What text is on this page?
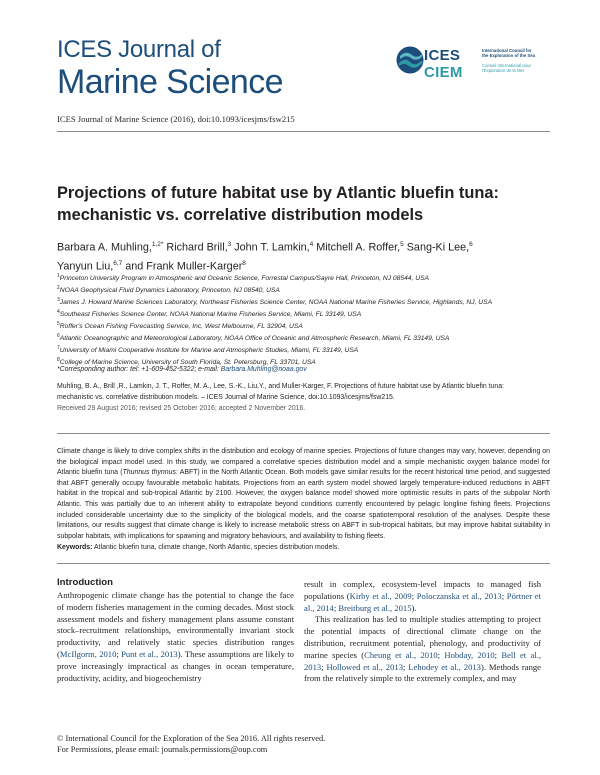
ICES Journal of
Marine Science
ICES
CIEM
International Council for
the Exploration of the Sea
Conseil International pour
l'Exploration de la Mer
ICES Journal of Marine Science (2016), doi:10.1093/icesjms/fsw215
Projections of future habitat use by Atlantic bluefin tuna:
mechanistic vs. correlative distribution models
Barbara A. Muhling,$^{1,2*}$ Richard Brill,$^3$ John T. Lamkin,$^4$ Mitchell A. Roffer,$^5$ Sang-Ki Lee,$^6$
Yanyun Liu,$^{6,7}$ and Frank Muller-Karger$^8$
$^1$Princeton University Program in Atmospheric and Oceanic Science, Forrestal Campus/Sayre Hall, Princeton, NJ 08544, USA
$^2$NOAA Geophysical Fluid Dynamics Laboratory, Princeton, NJ 08540, USA
$^3$James J. Howard Marine Sciences Laboratory, Northeast Fisheries Science Center, NOAA National Marine Fisheries Service, Highlands, NJ, USA
$^4$Southeast Fisheries Science Center, NOAA National Marine Fisheries Service, Miami, FL 33149, USA
$^5$Roffer's Ocean Fishing Forecasting Service, Inc, West Melbourne, FL 32904, USA
$^6$Atlantic Oceanographic and Meteorological Laboratory, NOAA Office of Oceanic and Atmospheric Research, Miami, FL 33149, USA
$^7$University of Miami Cooperative Institute for Marine and Atmospheric Studies, Miami, FL 33149, USA
$^8$College of Marine Science, University of South Florida, St. Petersburg, FL 33701, USA
*Corresponding author: tel: +1-609-452-5322; e-mail: Barbara.Muhling@noaa.gov
Muhling, B. A., Brill ,R., Lamkin, J. T., Roffer, M. A., Lee, S.-K., Liu,Y., and Muller-Karger, F. Projections of future habitat use by Atlantic bluefin tuna: mechanistic vs. correlative distribution models. – ICES Journal of Marine Science, doi:10.1093/icesjms/fsw215.
Received 29 August 2016; revised 25 October 2016; accepted 2 November 2016.
Climate change is likely to drive complex shifts in the distribution and ecology of marine species. Projections of future changes may vary, however, depending on the biological impact model used. In this study, we compared a correlative species distribution model and a simple mechanistic oxygen balance model for Atlantic bluefin tuna (Thunnus thynnus: ABFT) in the North Atlantic Ocean. Both models gave similar results for the recent historical time period, and suggested that ABFT generally occupy favourable metabolic habitats. Projections from an earth system model showed largely temperature-induced reductions in ABFT habitat in the tropical and sub-tropical Atlantic by 2100. However, the oxygen balance model showed more optimistic results in parts of the subpolar North Atlantic. This was partially due to an inherent ability to extrapolate beyond conditions currently encountered by pelagic longline fishing fleets. Projections included considerable uncertainty due to the simplicity of the biological models, and the coarse spatiotemporal resolution of the analyses. Despite these limitations, our results suggest that climate change is likely to increase metabolic stress on ABFT in sub-tropical habitats, but may improve habitat suitability in subpolar habitats, with implications for spawning and migratory behaviours, and availability to fishing fleets.
Keywords: Atlantic bluefin tuna, climate change, North Atlantic, species distribution models.
Introduction
Anthropogenic climate change has the potential to change the face of modern fisheries management in the coming decades. Most stock assessment models and fishery management plans assume constant stock–recruitment relationships, environmentally invariant stock productivity, and relatively static species distribution ranges (McIlgorm, 2010; Punt et al., 2013). These assumptions are likely to prove increasingly impractical as changes in ocean temperature, productivity, acidity, and biogeochemistry
result in complex, ecosystem-level impacts to managed fish populations (Kirby et al., 2009; Poloczanska et al., 2013; Pörtner et al., 2014; Breitburg et al., 2015).
This realization has led to multiple studies attempting to project the potential impacts of directional climate change on the distribution, recruitment potential, phenology, and productivity of marine species (Cheung et al., 2010; Hobday, 2010; Bell et al., 2013; Hollowed et al., 2013; Lehodey et al., 2013). Methods range from the relatively simple to the extremely complex, and may
© International Council for the Exploration of the Sea 2016. All rights reserved.
For Permissions, please email: journals.permissions@oup.com
